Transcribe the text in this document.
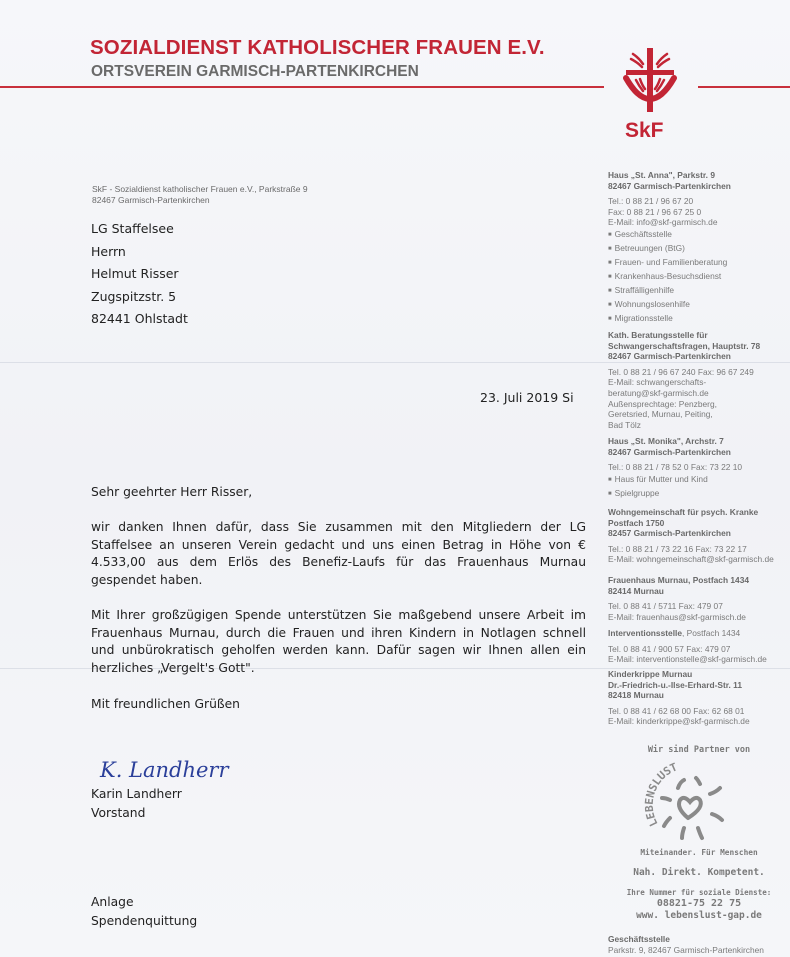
SOZIALDIENST KATHOLISCHER FRAUEN E.V.
ORTSVEREIN GARMISCH-PARTENKIRCHEN
SkF
SkF - Sozialdienst katholischer Frauen e.V., Parkstraße 9
82467 Garmisch-Partenkirchen
LG Staffelsee
Herrn
Helmut Risser
Zugspitzstr. 5
82441 Ohlstadt
23. Juli 2019 Si

Sehr geehrter Herr Risser,

wir danken Ihnen dafür, dass Sie zusammen mit den Mitgliedern der LG Staffelsee an unseren Verein gedacht und uns einen Betrag in Höhe von € 4.533,00 aus dem Erlös des Benefiz-Laufs für das Frauenhaus Murnau gespendet haben.

Mit Ihrer großzügigen Spende unterstützen Sie maßgebend unsere Arbeit im Frauenhaus Murnau, durch die Frauen und ihren Kindern in Notlagen schnell und unbürokratisch geholfen werden kann. Dafür sagen wir Ihnen allen ein herzliches „Vergelt's Gott".

Mit freundlichen Grüßen

K. Landherr

Karin Landherr

Vorstand

Anlage

Spendenquittung

Haus „St. Anna", Parkstr. 9
82467 Garmisch-Partenkirchen
Tel.: 0 88 21 / 96 67 20
Fax: 0 88 21 / 96 67 25 0
E-Mail: info@skf-garmisch.de
■ Geschäftsstelle
■ Betreuungen (BtG)
■ Frauen- und Familienberatung
■ Krankenhaus-Besuchsdienst
■ Straffälligenhilfe
■ Wohnungslosenhilfe
■ Migrationsstelle
Kath. Beratungsstelle für
Schwangerschaftsfragen, Hauptstr. 78
82467 Garmisch-Partenkirchen
Tel. 0 88 21 / 96 67 240 Fax: 96 67 249
E-Mail: schwangerschafts-
beratung@skf-garmisch.de
Außensprechtage: Penzberg,
Geretsried, Murnau, Peiting,
Bad Tölz
Haus „St. Monika", Archstr. 7
82467 Garmisch-Partenkirchen
Tel.: 0 88 21 / 78 52 0 Fax: 73 22 10
■ Haus für Mutter und Kind
■ Spielgruppe
Wohngemeinschaft für psych. Kranke
Postfach 1750
82457 Garmisch-Partenkirchen
Tel.: 0 88 21 / 73 22 16 Fax: 73 22 17
E-Mail: wohngemeinschaft@skf-garmisch.de
Frauenhaus Murnau, Postfach 1434
82414 Murnau
Tel. 0 88 41 / 5711 Fax: 479 07
E-Mail: frauenhaus@skf-garmisch.de
Interventionsstelle, Postfach 1434
Tel. 0 88 41 / 900 57 Fax: 479 07
E-Mail: interventionstelle@skf-garmisch.de
Kinderkrippe Murnau
Dr.-Friedrich-u.-Ilse-Erhard-Str. 11
82418 Murnau
Tel. 0 88 41 / 62 68 00 Fax: 62 68 01
E-Mail: kinderkrippe@skf-garmisch.de
Wir sind Partner von
LEBENSLUST
Miteinander. Für Menschen
Nah. Direkt. Kompetent.
Ihre Nummer für soziale Dienste:
08821-75 22 75
www. lebenslust-gap.de
Geschäftsstelle
Parkstr. 9, 82467 Garmisch-Partenkirchen
